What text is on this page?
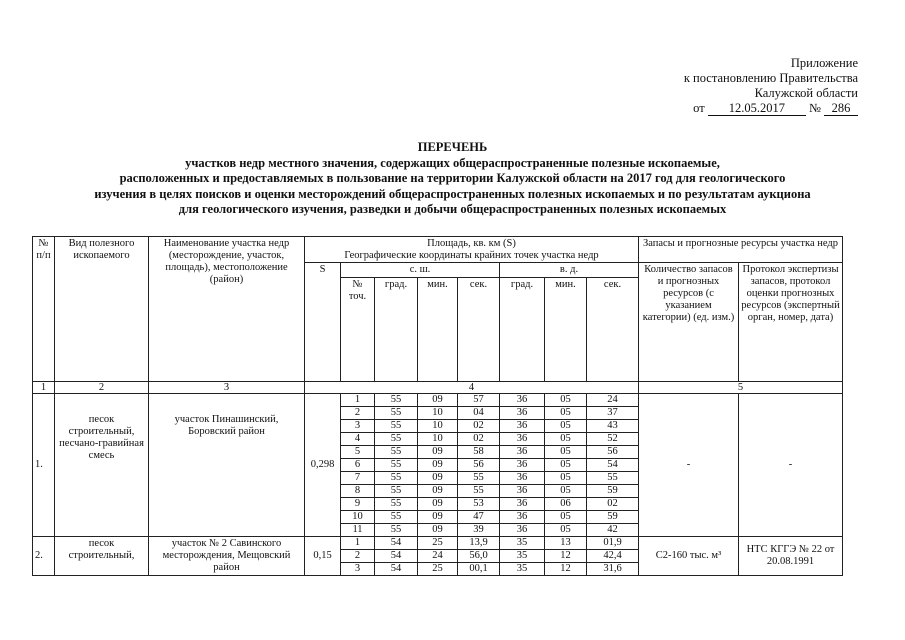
Приложение
к постановлению Правительства
Калужской области
от 12.05.2017 № 286
ПЕРЕЧЕНЬ
участков недр местного значения, содержащих общераспространенные полезные ископаемые,
расположенных и предоставляемых в пользование на территории Калужской области на 2017 год для геологического
изучения в целях поисков и оценки месторождений общераспространенных полезных ископаемых и по результатам аукциона
для геологического изучения, разведки и добычи общераспространенных полезных ископаемых
№ п/п	Вид полезного ископаемого	Наименование участка недр (месторождение, участок, площадь), местоположение (район)	Площадь, кв. км (S)
Географические координаты крайних точек участка недр								Запасы и прогнозные ресурсы участка недр	
			S	с. ш.				в. д.			Количество запасов и прогнозных ресурсов (с указанием категории) (ед. изм.)	Протокол экспертизы запасов, протокол оценки прогнозных ресурсов (экспертный орган, номер, дата)
				№ точ.	град.	мин.	сек.	град.	мин.	сек.		
1	2	3	4								5	
1.	песок строительный, песчано-гравийная смесь	участок Пинашинский, Боровский район	0,298	1	55	09	57	36	05	24	-	-
				2	55	10	04	36	05	37		
				3	55	10	02	36	05	43		
				4	55	10	02	36	05	52		
				5	55	09	58	36	05	56		
				6	55	09	56	36	05	54		
				7	55	09	55	36	05	55		
				8	55	09	55	36	05	59		
				9	55	09	53	36	06	02		
				10	55	09	47	36	05	59		
				11	55	09	39	36	05	42		
2.	песок строительный,	участок № 2 Савинского месторождения, Мещовский район	0,15	1	54	25	13,9	35	13	01,9	С2-160 тыс. м³	НТС КГГЭ № 22 от 20.08.1991
				2	54	24	56,0	35	12	42,4		
				3	54	25	00,1	35	12	31,6		
